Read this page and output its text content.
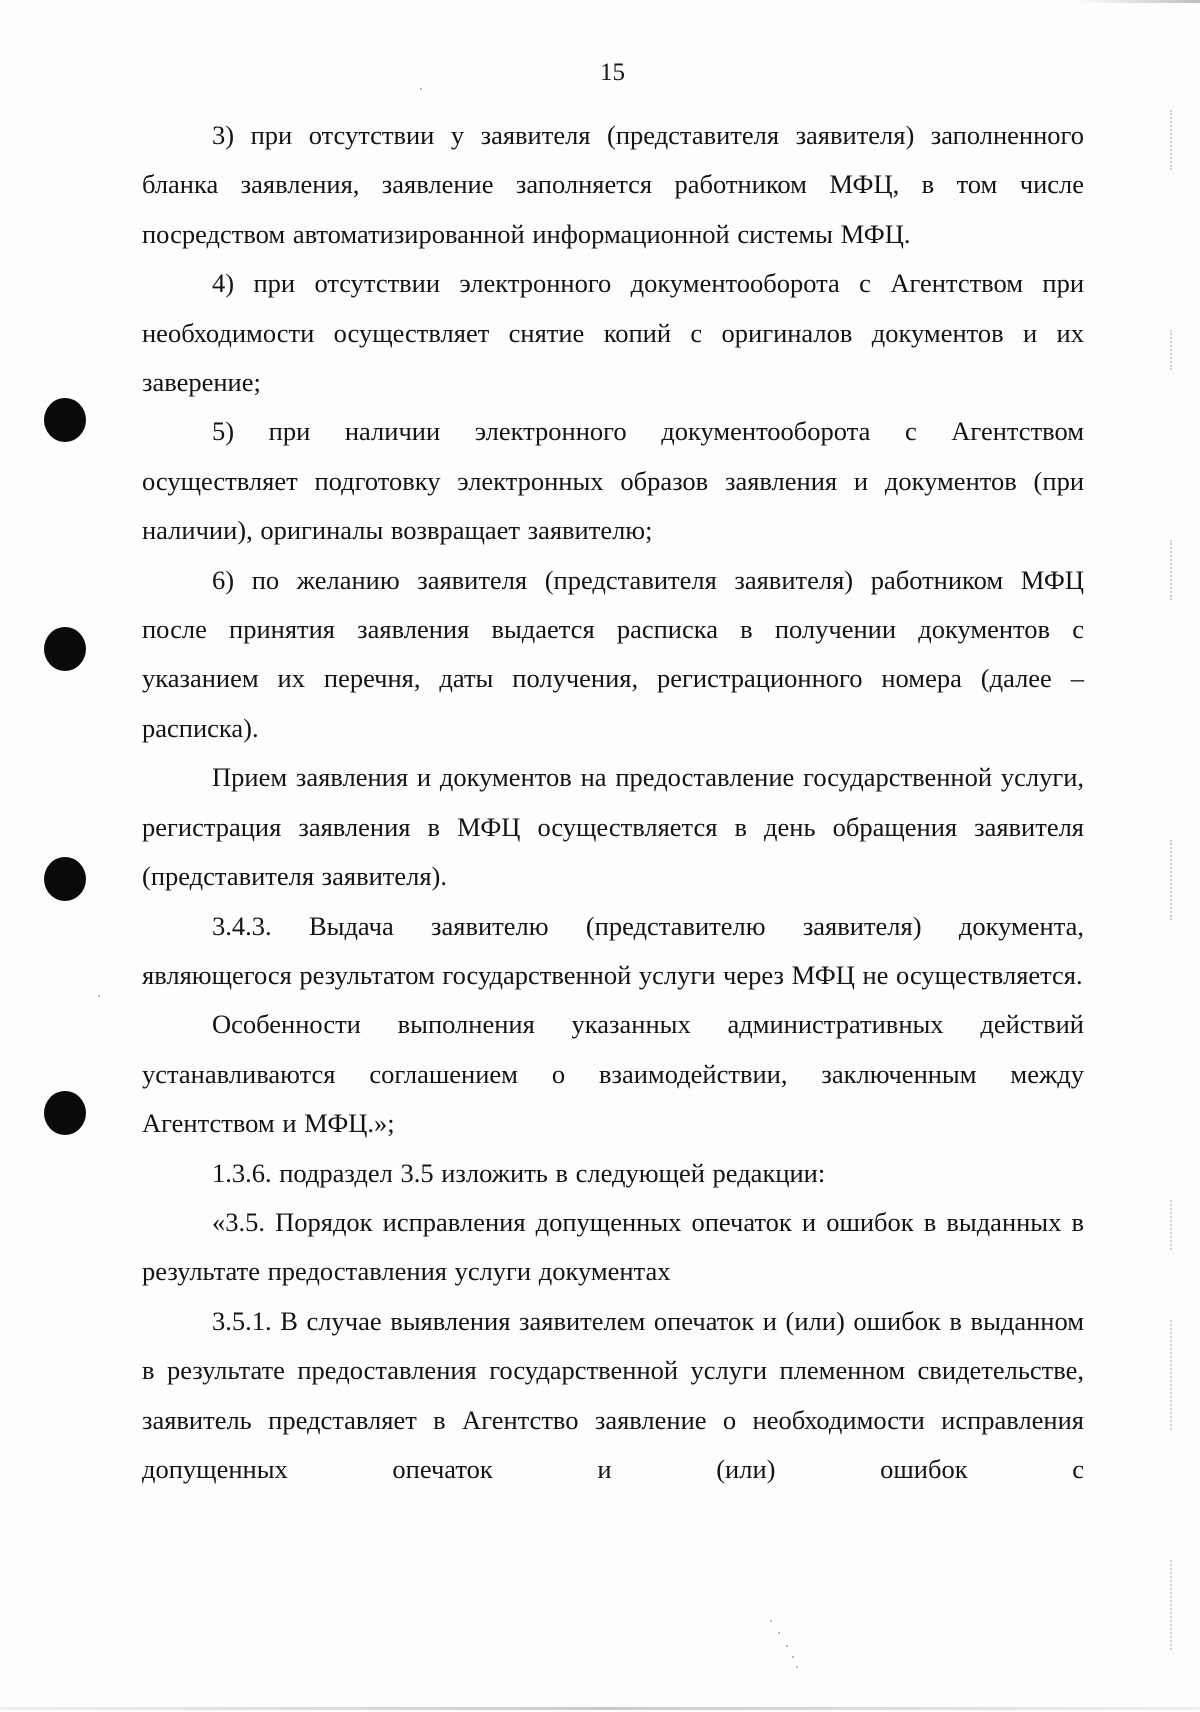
15

3) при отсутствии у заявителя (представителя заявителя) заполненного бланка заявления, заявление заполняется работником МФЦ, в том числе посредством автоматизированной информационной системы МФЦ.

4) при отсутствии электронного документооборота с Агентством при необходимости осуществляет снятие копий с оригиналов документов и их заверение;

5) при наличии электронного документооборота с Агентством осуществляет подготовку электронных образов заявления и документов (при наличии), оригиналы возвращает заявителю;

6) по желанию заявителя (представителя заявителя) работником МФЦ после принятия заявления выдается расписка в получении документов с указанием их перечня, даты получения, регистрационного номера (далее – расписка).

Прием заявления и документов на предоставление государственной услуги, регистрация заявления в МФЦ осуществляется в день обращения заявителя (представителя заявителя).

3.4.3. Выдача заявителю (представителю заявителя) документа, являющегося результатом государственной услуги через МФЦ не осуществляется.

Особенности выполнения указанных административных действий устанавливаются соглашением о взаимодействии, заключенным между Агентством и МФЦ.»;

1.3.6. подраздел 3.5 изложить в следующей редакции:

«3.5. Порядок исправления допущенных опечаток и ошибок в выданных в результате предоставления услуги документах

3.5.1. В случае выявления заявителем опечаток и (или) ошибок в выданном в результате предоставления государственной услуги племенном свидетельстве, заявитель представляет в Агентство заявление о необходимости исправления допущенных опечаток и (или) ошибок с
